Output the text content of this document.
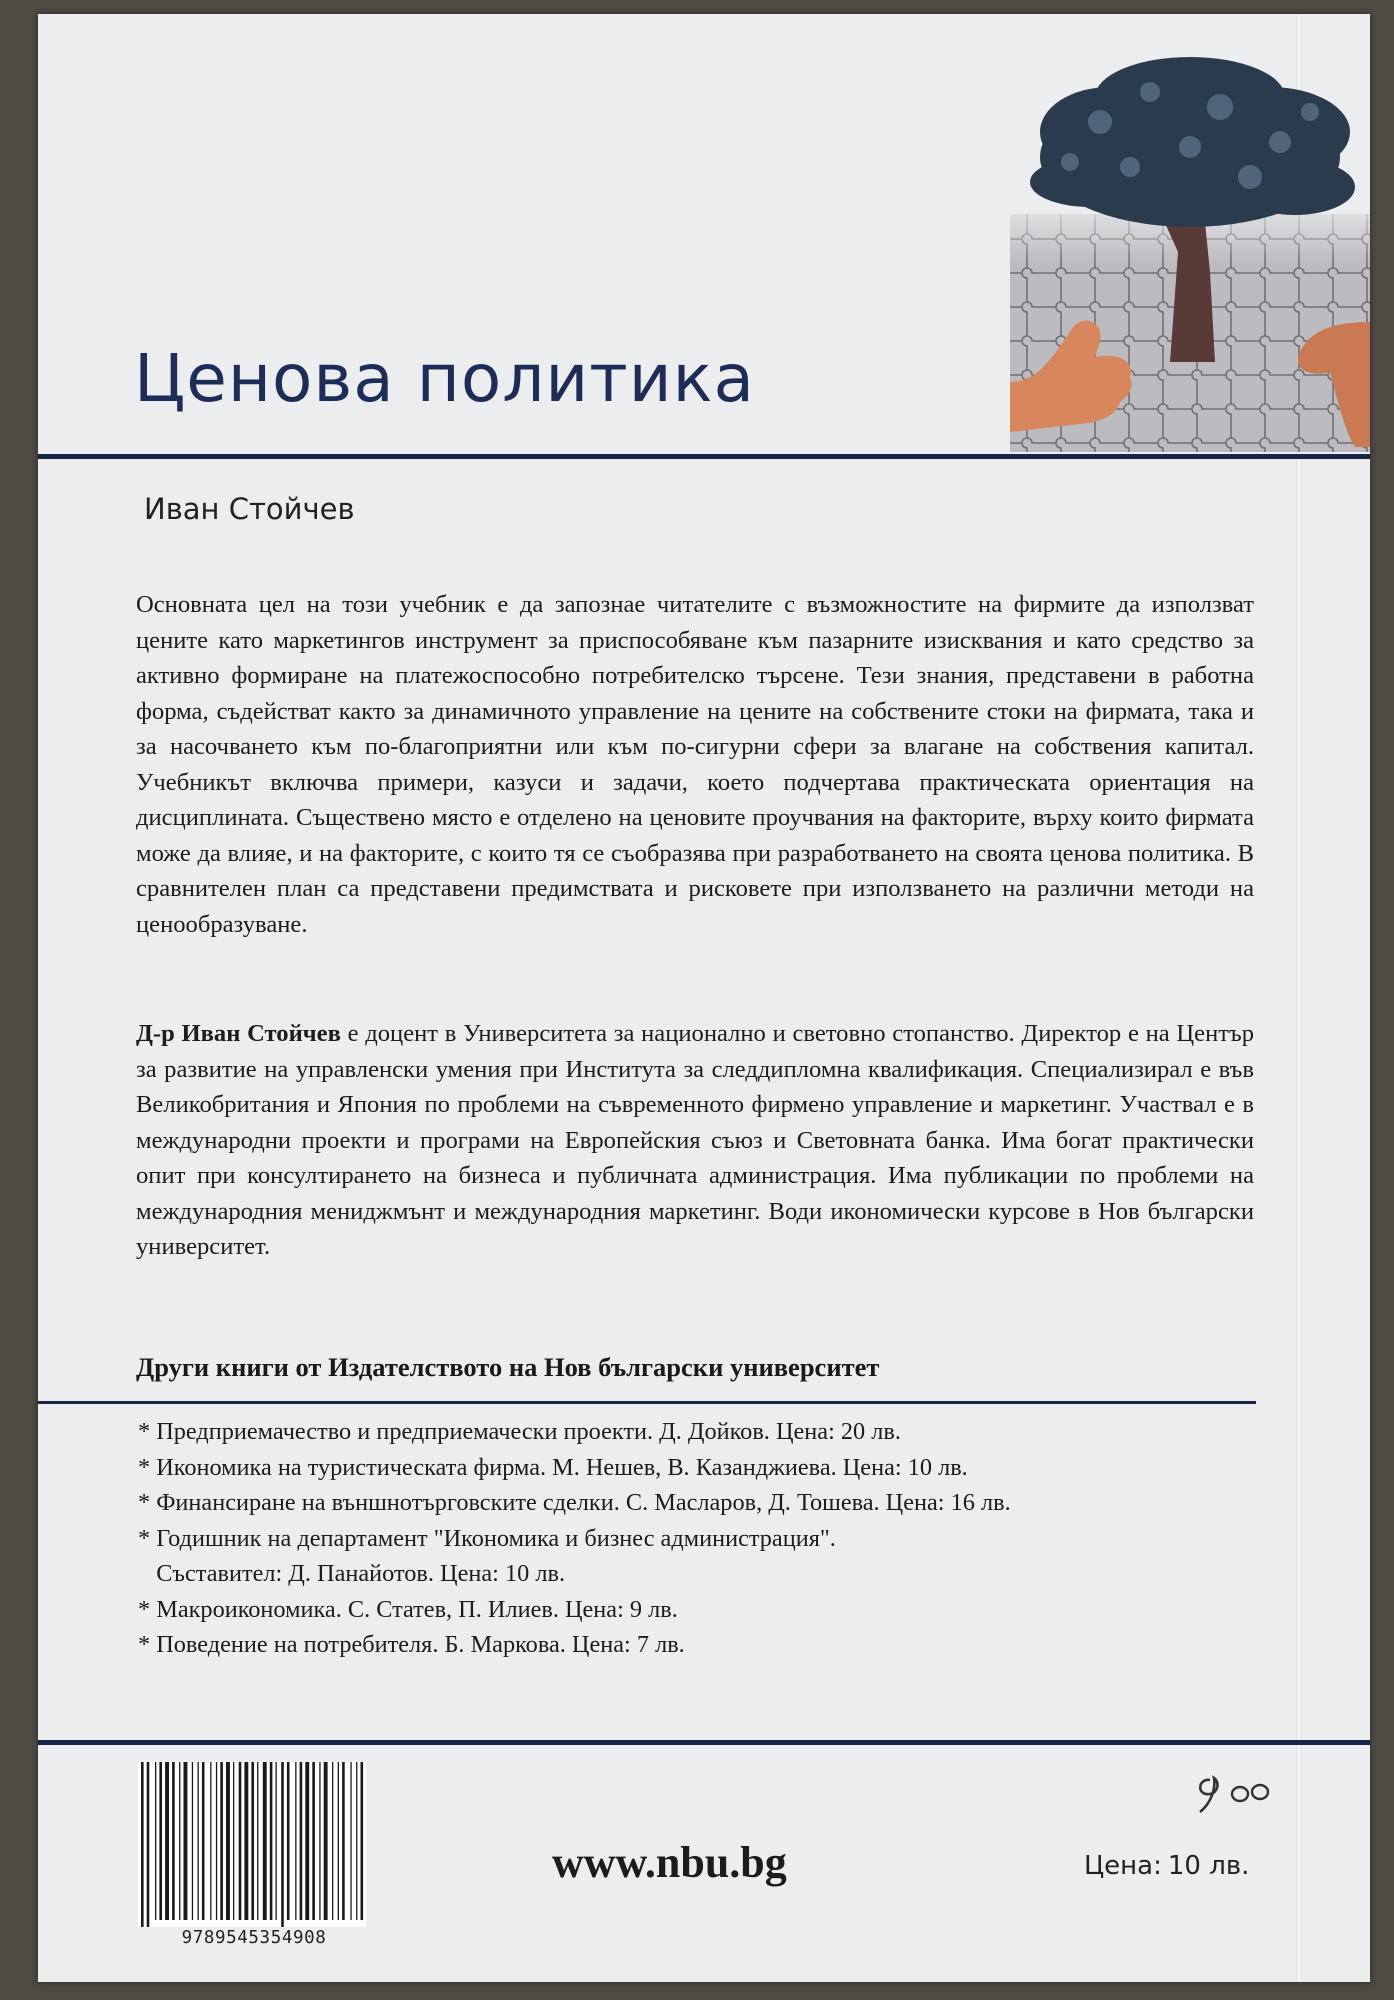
Ценова политика
Иван Стойчев

Основната цел на този учебник е да запознае читателите с възможностите на фирмите да използват цените като маркетингов инструмент за приспособяване към пазарните изисквания и като средство за активно формиране на платежоспособно потребителско търсене. Тези знания, представени в работна форма, съдействат както за динамичното управление на цените на собствените стоки на фирмата, така и за насочването към по-благоприятни или към по-сигурни сфери за влагане на собствения капитал. Учебникът включва примери, казуси и задачи, което подчертава практическата ориентация на дисциплината. Съществено място е отделено на ценовите проучвания на факторите, върху които фирмата може да влияе, и на факторите, с които тя се съобразява при разработването на своята ценова политика. В сравнителен план са представени предимствата и рисковете при използването на различни методи на ценообразуване.

Д-р Иван Стойчев е доцент в Университета за национално и световно стопанство. Директор е на Център за развитие на управленски умения при Института за следдипломна квалификация. Специализирал е във Великобритания и Япония по проблеми на съвременното фирмено управление и маркетинг. Участвал е в международни проекти и програми на Европейския съюз и Световната банка. Има богат практически опит при консултирането на бизнеса и публичната администрация. Има публикации по проблеми на международния мениджмънт и международния маркетинг. Води икономически курсове в Нов български университет.

Други книги от Издателството на Нов български университет
* Предприемачество и предприемачески проекти. Д. Дойков. Цена: 20 лв.
* Икономика на туристическата фирма. М. Нешев, В. Казанджиева. Цена: 10 лв.
* Финансиране на външнотърговските сделки. С. Масларов, Д. Тошева. Цена: 16 лв.
* Годишник на департамент "Икономика и бизнес администрация".
Съставител: Д. Панайотов. Цена: 10 лв.
* Макроикономика. С. Статев, П. Илиев. Цена: 9 лв.
* Поведение на потребителя. Б. Маркова. Цена: 7 лв.
9789545354908
www.nbu.bg	Цена: 10 лв.
